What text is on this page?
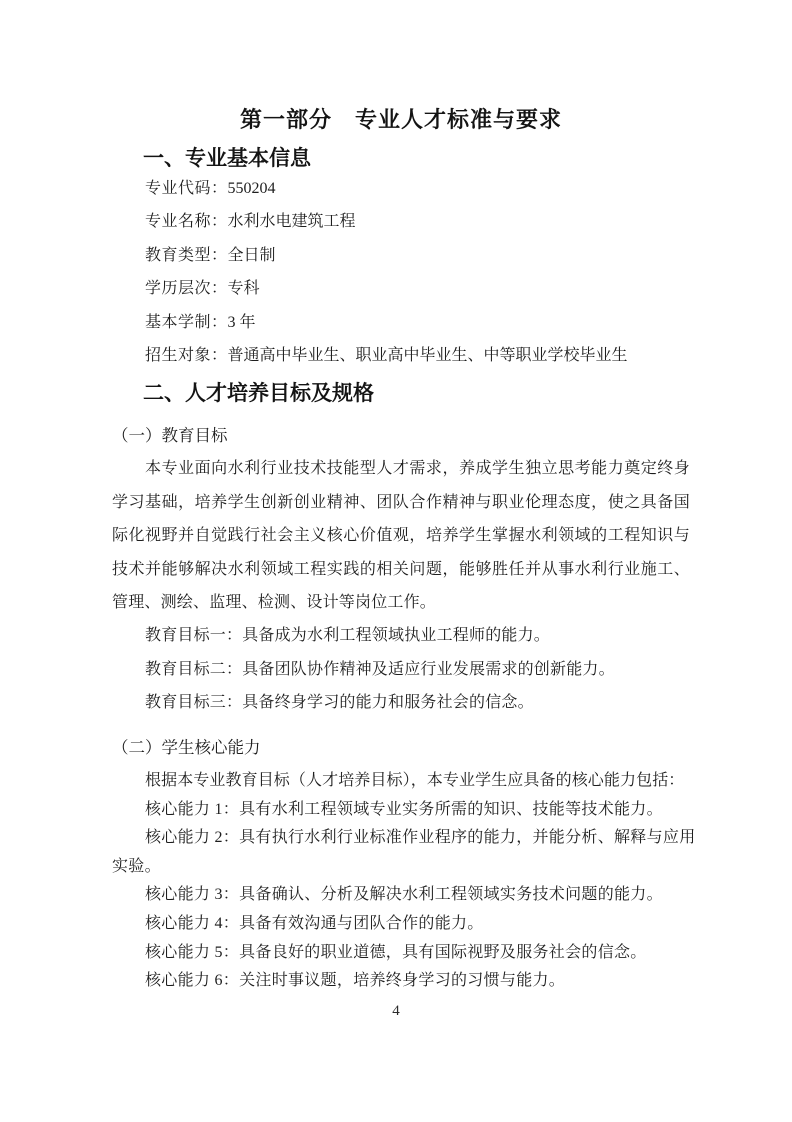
第一部分　专业人才标准与要求
一、专业基本信息
专业代码：550204
专业名称：水利水电建筑工程
教育类型：全日制
学历层次：专科
基本学制：3 年
招生对象：普通高中毕业生、职业高中毕业生、中等职业学校毕业生
二、人才培养目标及规格
（一）教育目标
本专业面向水利行业技术技能型人才需求，养成学生独立思考能力奠定终身
学习基础，培养学生创新创业精神、团队合作精神与职业伦理态度，使之具备国
际化视野并自觉践行社会主义核心价值观，培养学生掌握水利领域的工程知识与
技术并能够解决水利领域工程实践的相关问题，能够胜任并从事水利行业施工、
管理、测绘、监理、检测、设计等岗位工作。
教育目标一：具备成为水利工程领域执业工程师的能力。
教育目标二：具备团队协作精神及适应行业发展需求的创新能力。
教育目标三：具备终身学习的能力和服务社会的信念。
（二）学生核心能力
根据本专业教育目标（人才培养目标），本专业学生应具备的核心能力包括：
核心能力 1：具有水利工程领域专业实务所需的知识、技能等技术能力。
核心能力 2：具有执行水利行业标准作业程序的能力，并能分析、解释与应用
实验。
核心能力 3：具备确认、分析及解决水利工程领域实务技术问题的能力。
核心能力 4：具备有效沟通与团队合作的能力。
核心能力 5：具备良好的职业道德，具有国际视野及服务社会的信念。
核心能力 6：关注时事议题，培养终身学习的习惯与能力。
4
